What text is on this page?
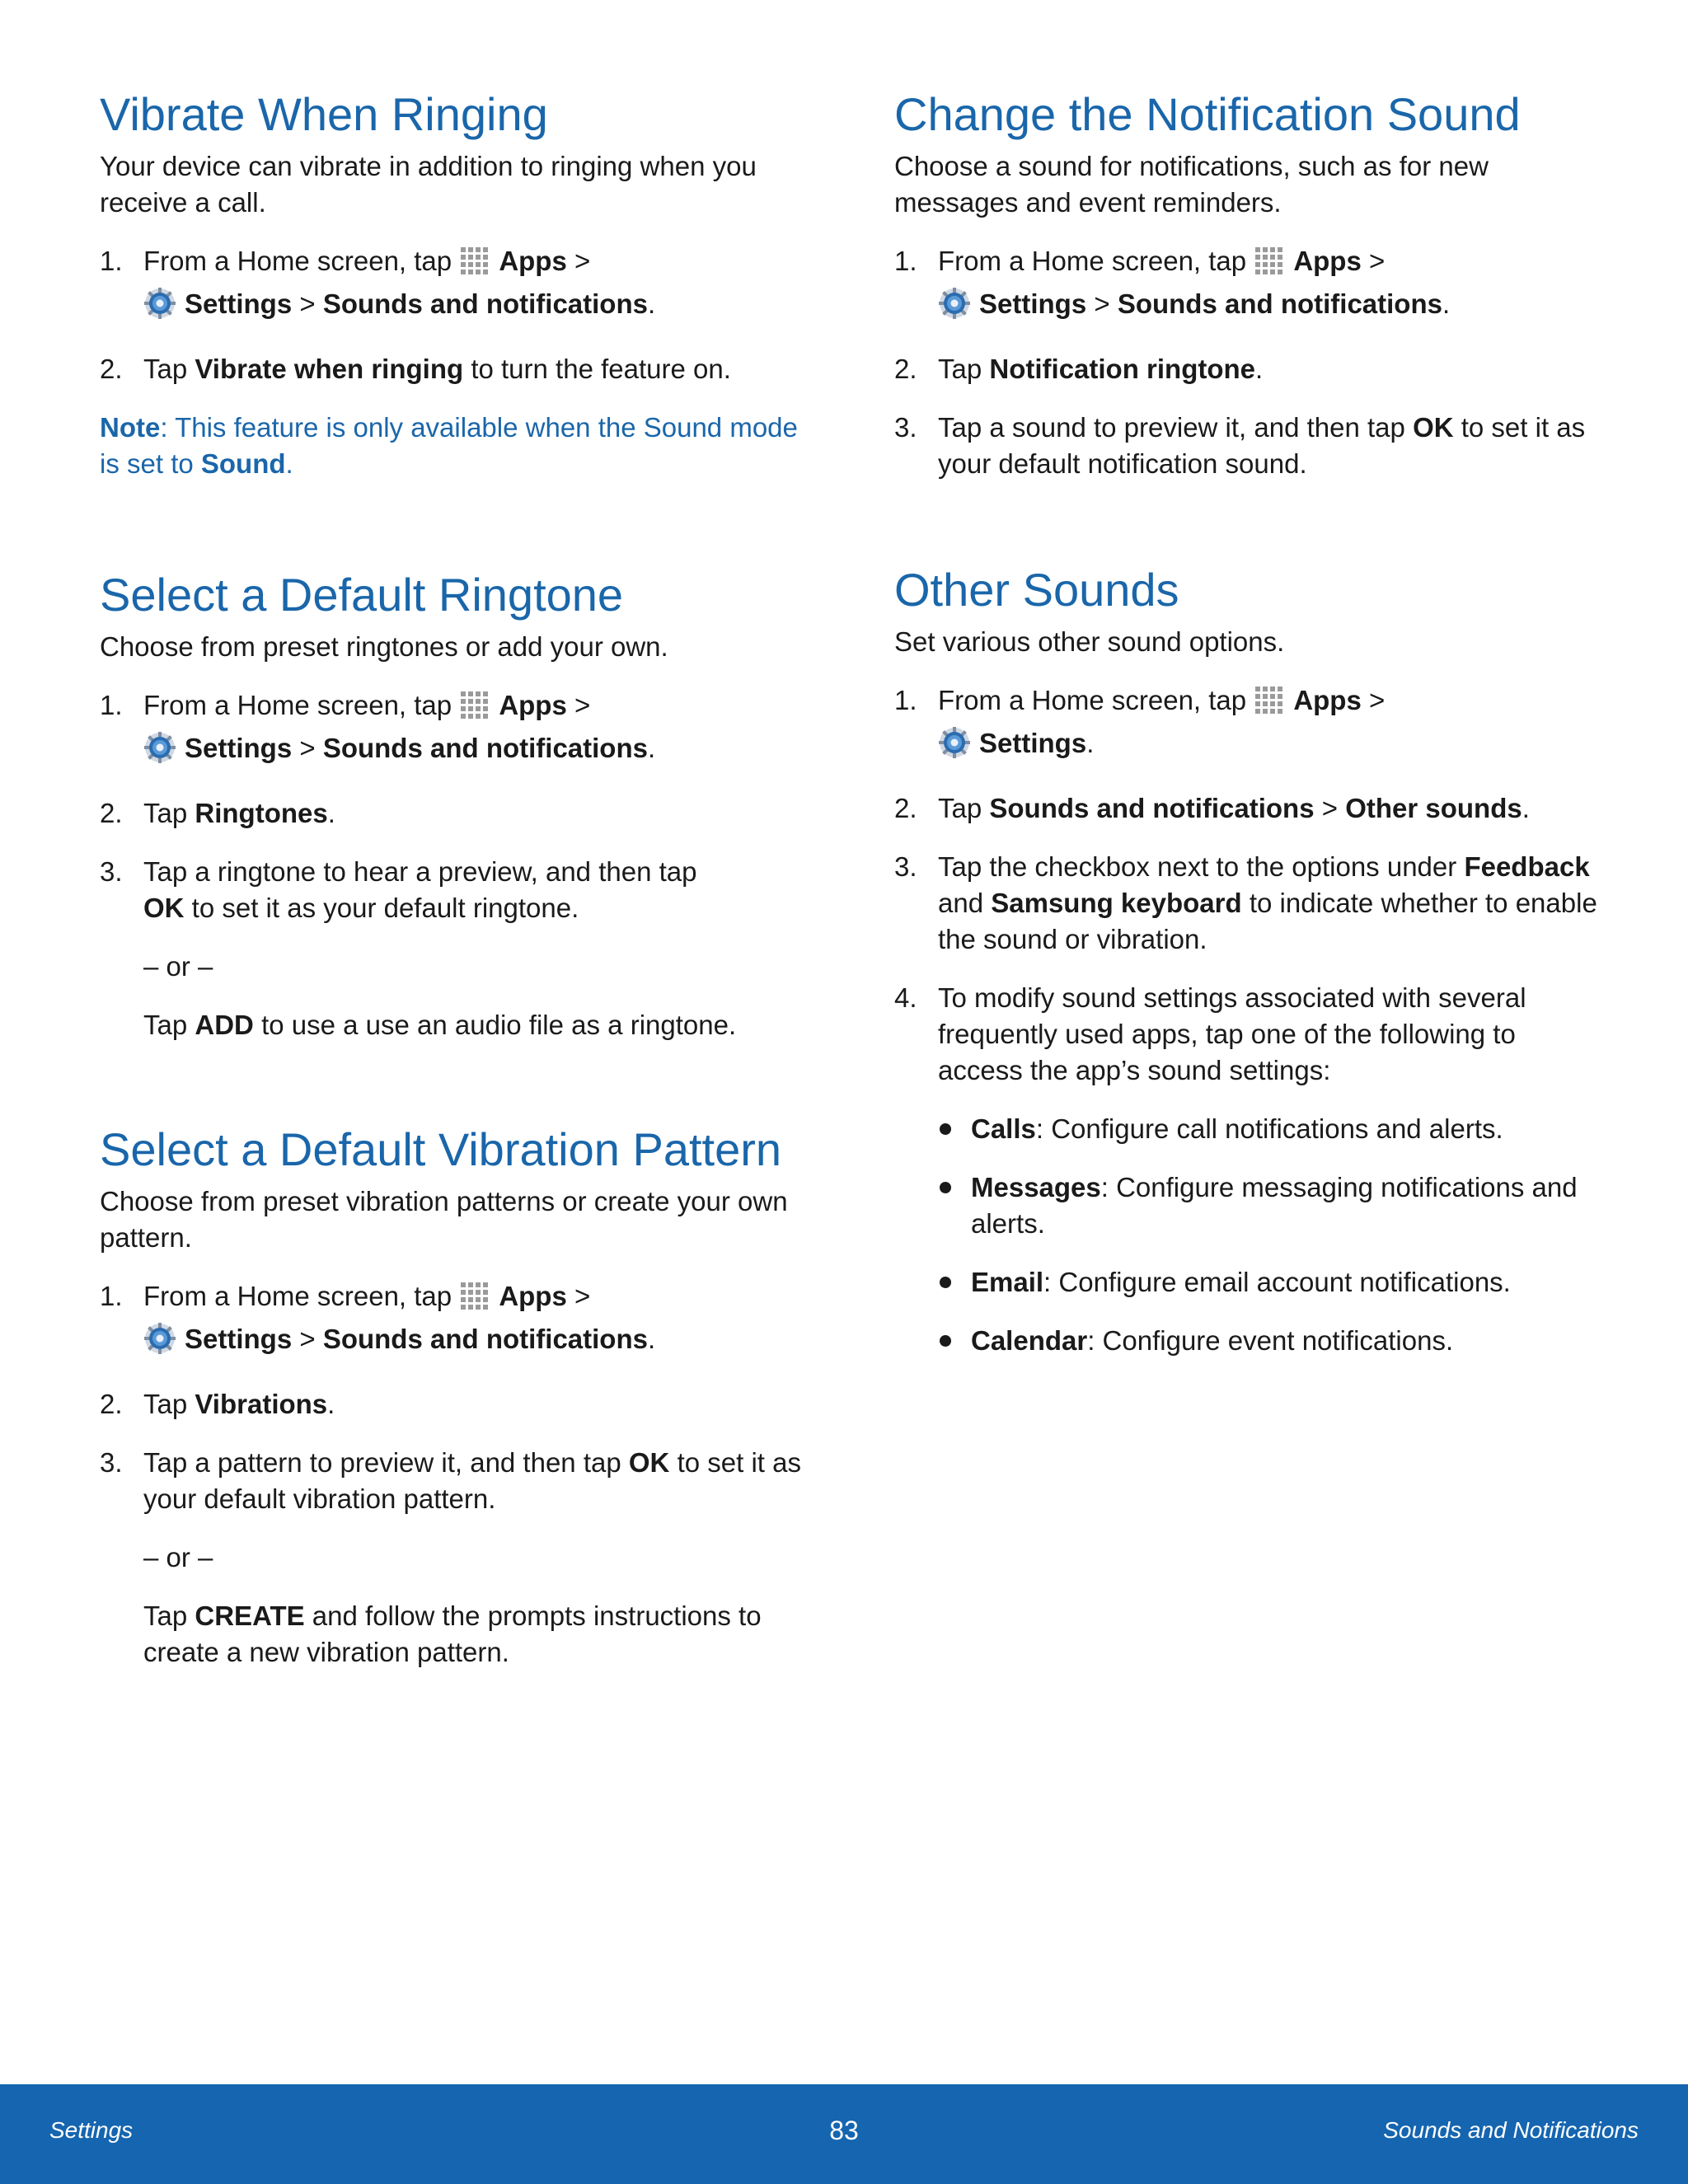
Vibrate When Ringing

Your device can vibrate in addition to ringing when you receive a call.

1. From a Home screen, tap Apps >
Settings > Sounds and notifications.
2. Tap Vibrate when ringing to turn the feature on.

Note: This feature is only available when the Sound mode is set to Sound.

Select a Default Ringtone

Choose from preset ringtones or add your own.

1. From a Home screen, tap Apps >
Settings > Sounds and notifications.
2. Tap Ringtones.
3. Tap a ringtone to hear a preview, and then tap
OK to set it as your default ringtone.
– or –
Tap ADD to use a use an audio file as a ringtone.
Select a Default Vibration Pattern

Choose from preset vibration patterns or create your own pattern.

1. From a Home screen, tap Apps >
Settings > Sounds and notifications.
2. Tap Vibrations.
3. Tap a pattern to preview it, and then tap OK to set it as your default vibration pattern.
– or –
Tap CREATE and follow the prompts instructions to create a new vibration pattern.
Change the Notification Sound

Choose a sound for notifications, such as for new messages and event reminders.

1. From a Home screen, tap Apps >
Settings > Sounds and notifications.
2. Tap Notification ringtone.
3. Tap a sound to preview it, and then tap OK to set it as your default notification sound.
Other Sounds

Set various other sound options.

1. From a Home screen, tap Apps >
Settings.
2. Tap Sounds and notifications > Other sounds.
3. Tap the checkbox next to the options under Feedback and Samsung keyboard to indicate whether to enable the sound or vibration.
4. To modify sound settings associated with several frequently used apps, tap one of the following to access the app’s sound settings:
Calls: Configure call notifications and alerts.
Messages: Configure messaging notifications and alerts.
Email: Configure email account notifications.
Calendar: Configure event notifications.
Settings	83	Sounds and Notifications
